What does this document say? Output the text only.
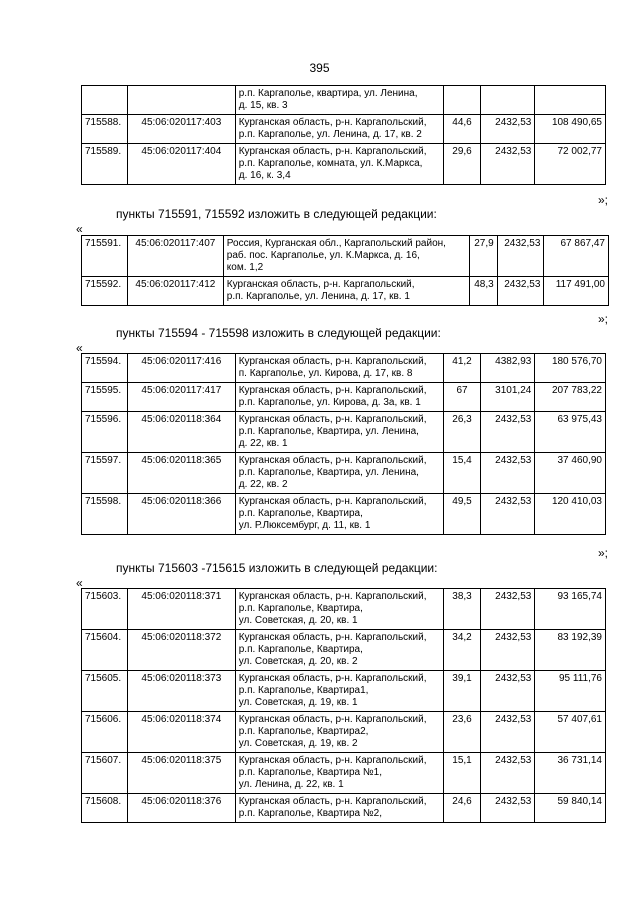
395

		р.п. Каргаполье, квартира, ул. Ленина,
д. 15, кв. 3			

715588.	45:06:020117:403	Курганская область, р-н. Каргапольский,
р.п. Каргаполье, ул. Ленина, д. 17, кв. 2	44,6	2432,53	108 490,65
715589.	45:06:020117:404	Курганская область, р-н. Каргапольский,
р.п. Каргаполье, комната, ул. К.Маркса,
д. 16, к. 3,4	29,6	2432,53	72 002,77
»;
пункты 715591, 715592 изложить в следующей редакции:
«
715591.	45:06:020117:407	Россия, Курганская обл., Каргапольский район,
раб. пос. Каргаполье, ул. К.Маркса, д. 16,
ком. 1,2	27,9	2432,53	67 867,47
715592.	45:06:020117:412	Курганская область, р-н. Каргапольский,
р.п. Каргаполье, ул. Ленина, д. 17, кв. 1	48,3	2432,53	117 491,00
»;
пункты 715594 - 715598 изложить в следующей редакции:
«
715594.	45:06:020117:416	Курганская область, р-н. Каргапольский,
п. Каргаполье, ул. Кирова, д. 17, кв. 8	41,2	4382,93	180 576,70
715595.	45:06:020117:417	Курганская область, р-н. Каргапольский,
р.п. Каргаполье, ул. Кирова, д. 3а, кв. 1	67	3101,24	207 783,22
715596.	45:06:020118:364	Курганская область, р-н. Каргапольский,
р.п. Каргаполье, Квартира, ул. Ленина,
д. 22, кв. 1	26,3	2432,53	63 975,43
715597.	45:06:020118:365	Курганская область, р-н. Каргапольский,
р.п. Каргаполье, Квартира, ул. Ленина,
д. 22, кв. 2	15,4	2432,53	37 460,90
715598.	45:06:020118:366	Курганская область, р-н. Каргапольский,
р.п. Каргаполье, Квартира,
ул. Р.Люксембург, д. 11, кв. 1	49,5	2432,53	120 410,03
»;
пункты 715603 -715615 изложить в следующей редакции:
«
715603.	45:06:020118:371	Курганская область, р-н. Каргапольский,
р.п. Каргаполье, Квартира,
ул. Советская, д. 20, кв. 1	38,3	2432,53	93 165,74
715604.	45:06:020118:372	Курганская область, р-н. Каргапольский,
р.п. Каргаполье, Квартира,
ул. Советская, д. 20, кв. 2	34,2	2432,53	83 192,39
715605.	45:06:020118:373	Курганская область, р-н. Каргапольский,
р.п. Каргаполье, Квартира1,
ул. Советская, д. 19, кв. 1	39,1	2432,53	95 111,76
715606.	45:06:020118:374	Курганская область, р-н. Каргапольский,
р.п. Каргаполье, Квартира2,
ул. Советская, д. 19, кв. 2	23,6	2432,53	57 407,61
715607.	45:06:020118:375	Курганская область, р-н. Каргапольский,
р.п. Каргаполье, Квартира №1,
ул. Ленина, д. 22, кв. 1	15,1	2432,53	36 731,14
715608.	45:06:020118:376	Курганская область, р-н. Каргапольский,
р.п. Каргаполье, Квартира №2,	24,6	2432,53	59 840,14
